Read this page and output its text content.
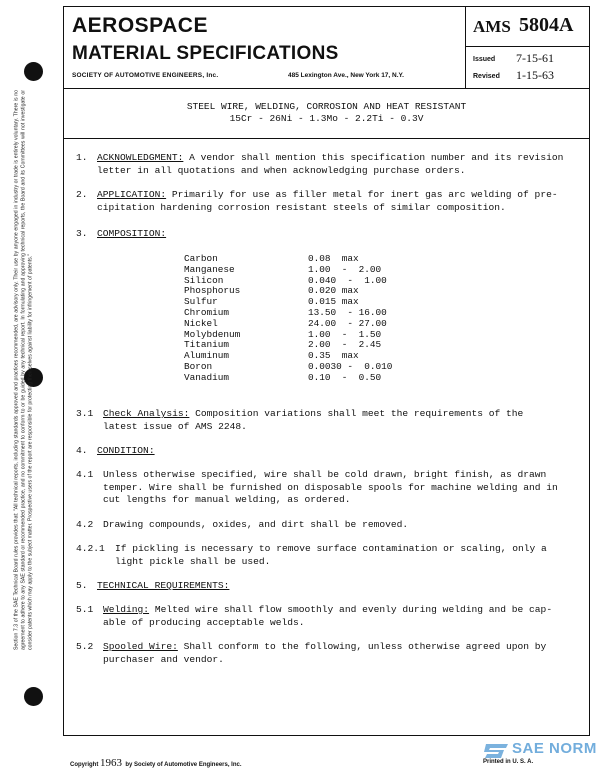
Section 7.3 of the SAE Technical Board rules provides that: "All technical reports, including standards approved and practices recommended, are advisory only. Their use by anyone engaged in industry or trade is entirely voluntary. There is no agreement to adhere to any SAE standard or recommended practice, and no commitment to conform to or be guided by any technical report. In formulating and approving technical reports, the Board and its Committees will not investigate or consider patents which may apply to the subject matter. Prospective users of the report are responsible for protecting themselves against liability for infringement of patents."
AEROSPACE
MATERIAL SPECIFICATIONS
SOCIETY OF AUTOMOTIVE ENGINEERS, Inc.	485 Lexington Ave., New York 17, N.Y.
AMS 5804A
Issued 7-15-61
Revised 1-15-63
STEEL WIRE, WELDING, CORROSION AND HEAT RESISTANT
15Cr - 26Ni - 1.3Mo - 2.2Ti - 0.3V
1. ACKNOWLEDGMENT: A vendor shall mention this specification number and its revision
letter in all quotations and when acknowledging purchase orders.
2. APPLICATION: Primarily for use as filler metal for inert gas arc welding of pre-
cipitation hardening corrosion resistant steels of similar composition.
3. COMPOSITION:
Carbon	0.08  max
Manganese	1.00  -  2.00
Silicon	0.040  -  1.00
Phosphorus	0.020 max
Sulfur	0.015 max
Chromium	13.50  - 16.00
Nickel	24.00  - 27.00
Molybdenum	1.00  -  1.50
Titanium	2.00  -  2.45
Aluminum	0.35  max
Boron	0.0030 -  0.010
Vanadium	0.10  -  0.50
3.1 Check Analysis: Composition variations shall meet the requirements of the
latest issue of AMS 2248.
4. CONDITION:
4.1 Unless otherwise specified, wire shall be cold drawn, bright finish, as drawn
temper. Wire shall be furnished on disposable spools for machine welding and in
cut lengths for manual welding, as ordered.
4.2 Drawing compounds, oxides, and dirt shall be removed.
4.2.1 If pickling is necessary to remove surface contamination or scaling, only a
light pickle shall be used.
5. TECHNICAL REQUIREMENTS:
5.1 Welding: Melted wire shall flow smoothly and evenly during welding and be cap-
able of producing acceptable welds.
5.2 Spooled Wire: Shall conform to the following, unless otherwise agreed upon by
purchaser and vendor.
Copyright 1963 by Society of Automotive Engineers, Inc.	Printed in U. S. A.
SAE NORM
